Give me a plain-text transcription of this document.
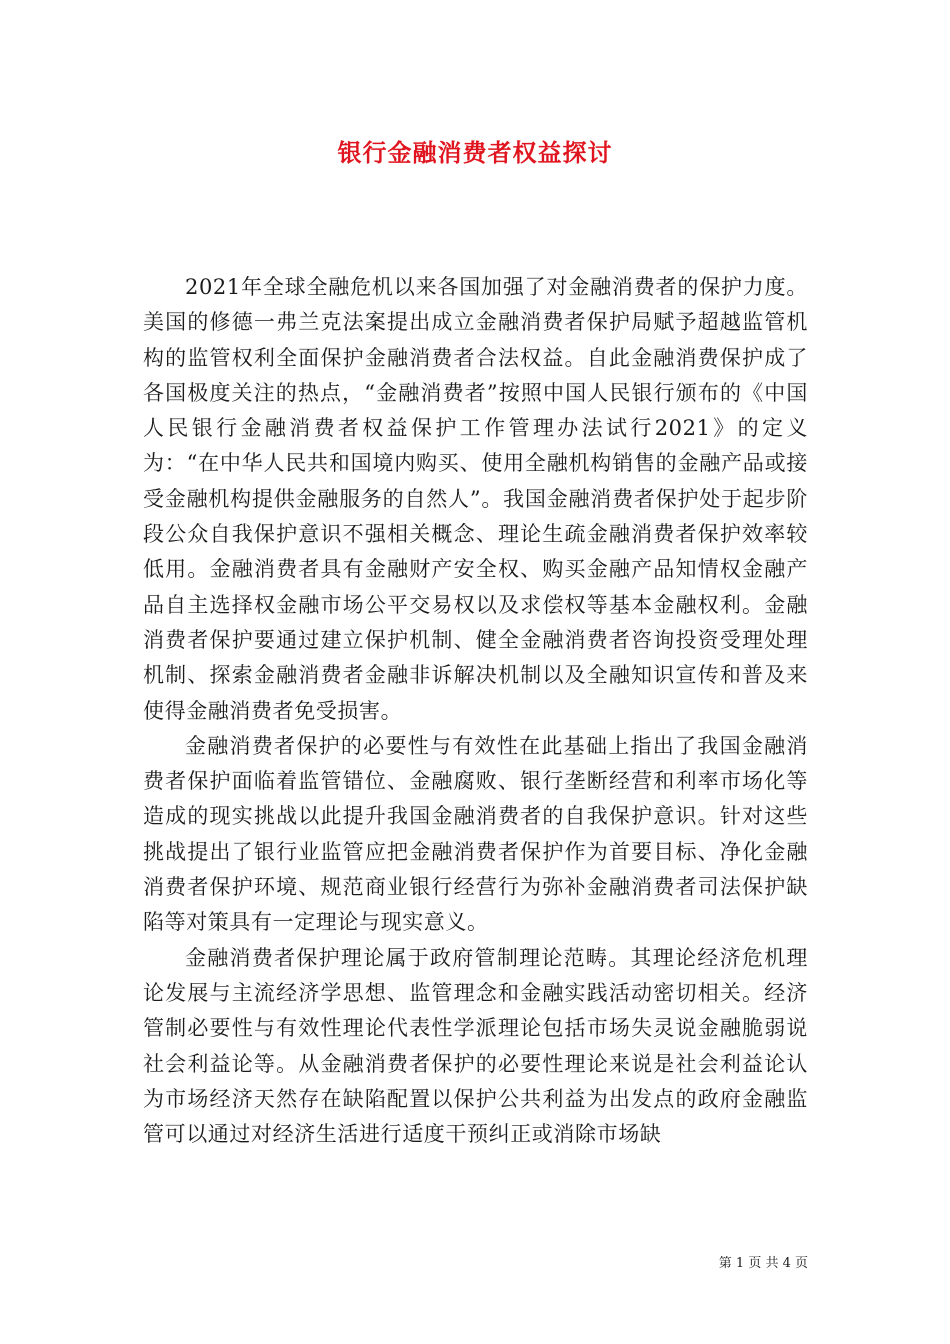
银行金融消费者权益探讨

2021年全球全融危机以来各国加强了对金融消费者的保护力度。美国的修德一弗兰克法案提出成立金融消费者保护局赋予超越监管机构的监管权利全面保护金融消费者合法权益。自此金融消费保护成了各国极度关注的热点，“金融消费者”按照中国人民银行颁布的《中国人民银行金融消费者权益保护工作管理办法试行2021》的定义为：“在中华人民共和国境内购买、使用全融机构销售的金融产品或接受金融机构提供金融服务的自然人”。我国金融消费者保护处于起步阶段公众自我保护意识不强相关概念、理论生疏金融消费者保护效率较低用。金融消费者具有金融财产安全权、购买金融产品知情权金融产品自主选择权金融市场公平交易权以及求偿权等基本金融权利。金融消费者保护要通过建立保护机制、健全金融消费者咨询投资受理处理机制、探索金融消费者金融非诉解决机制以及全融知识宣传和普及来使得金融消费者免受损害。

金融消费者保护的必要性与有效性在此基础上指出了我国金融消费者保护面临着监管错位、金融腐败、银行垄断经营和利率市场化等造成的现实挑战以此提升我国金融消费者的自我保护意识。针对这些挑战提出了银行业监管应把金融消费者保护作为首要目标、净化金融消费者保护环境、规范商业银行经营行为弥补金融消费者司法保护缺陷等对策具有一定理论与现实意义。

金融消费者保护理论属于政府管制理论范畴。其理论经济危机理论发展与主流经济学思想、监管理念和金融实践活动密切相关。经济管制必要性与有效性理论代表性学派理论包括市场失灵说金融脆弱说社会利益论等。从金融消费者保护的必要性理论来说是社会利益论认为市场经济天然存在缺陷配置以保护公共利益为出发点的政府金融监管可以通过对经济生活进行适度干预纠正或消除市场缺

第 1 页 共 4 页
